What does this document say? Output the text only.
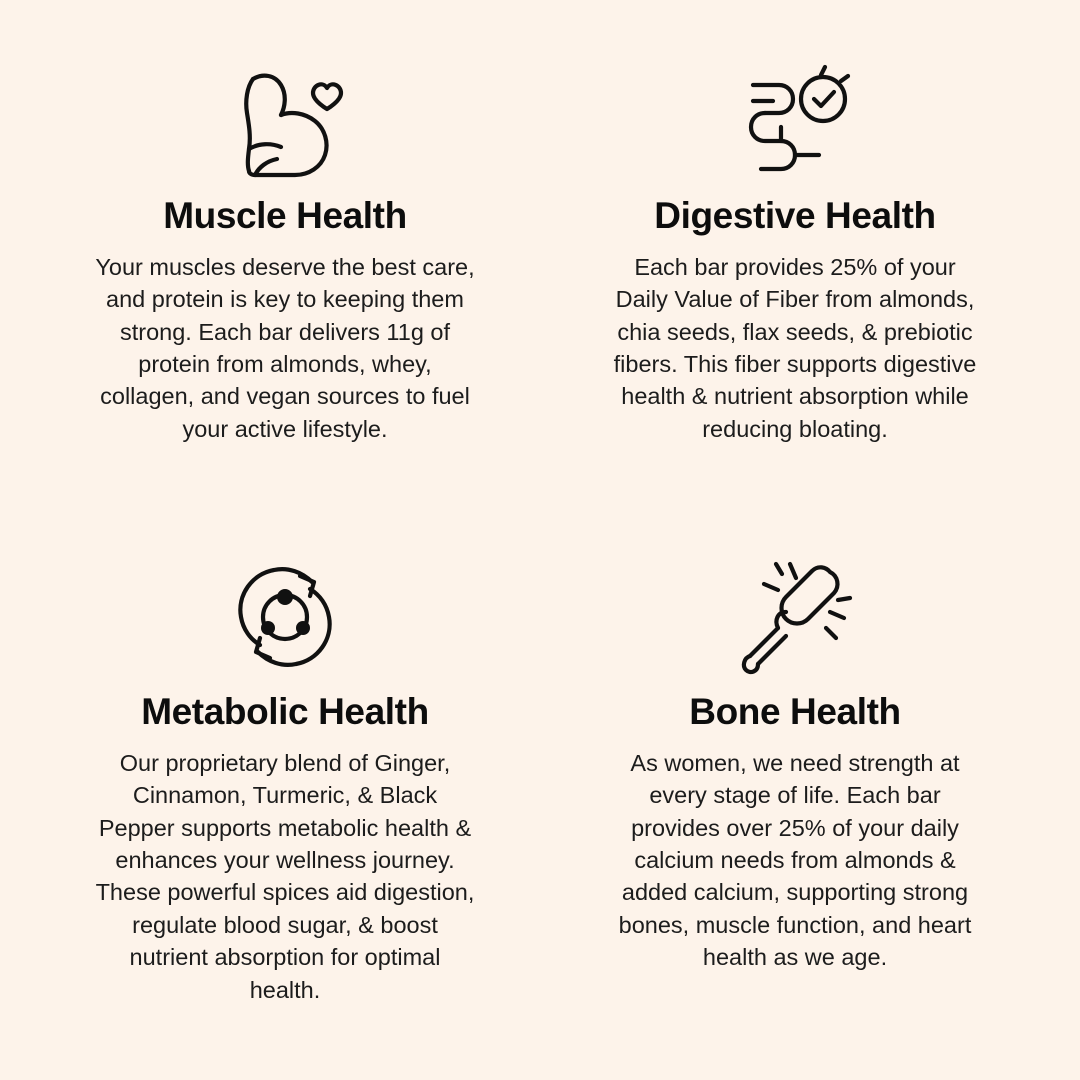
Muscle Health
Your muscles deserve the best care, and protein is key to keeping them strong. Each bar delivers 11g of protein from almonds, whey, collagen, and vegan sources to fuel your active lifestyle.
Digestive Health
Each bar provides 25% of your Daily Value of Fiber from almonds, chia seeds, flax seeds, & prebiotic fibers. This fiber supports digestive health & nutrient absorption while reducing bloating.
Metabolic Health
Our proprietary blend of Ginger, Cinnamon, Turmeric, & Black Pepper supports metabolic health & enhances your wellness journey. These powerful spices aid digestion, regulate blood sugar, & boost nutrient absorption for optimal health.
Bone Health
As women, we need strength at every stage of life. Each bar provides over 25% of your daily calcium needs from almonds & added calcium, supporting strong bones, muscle function, and heart health as we age.
